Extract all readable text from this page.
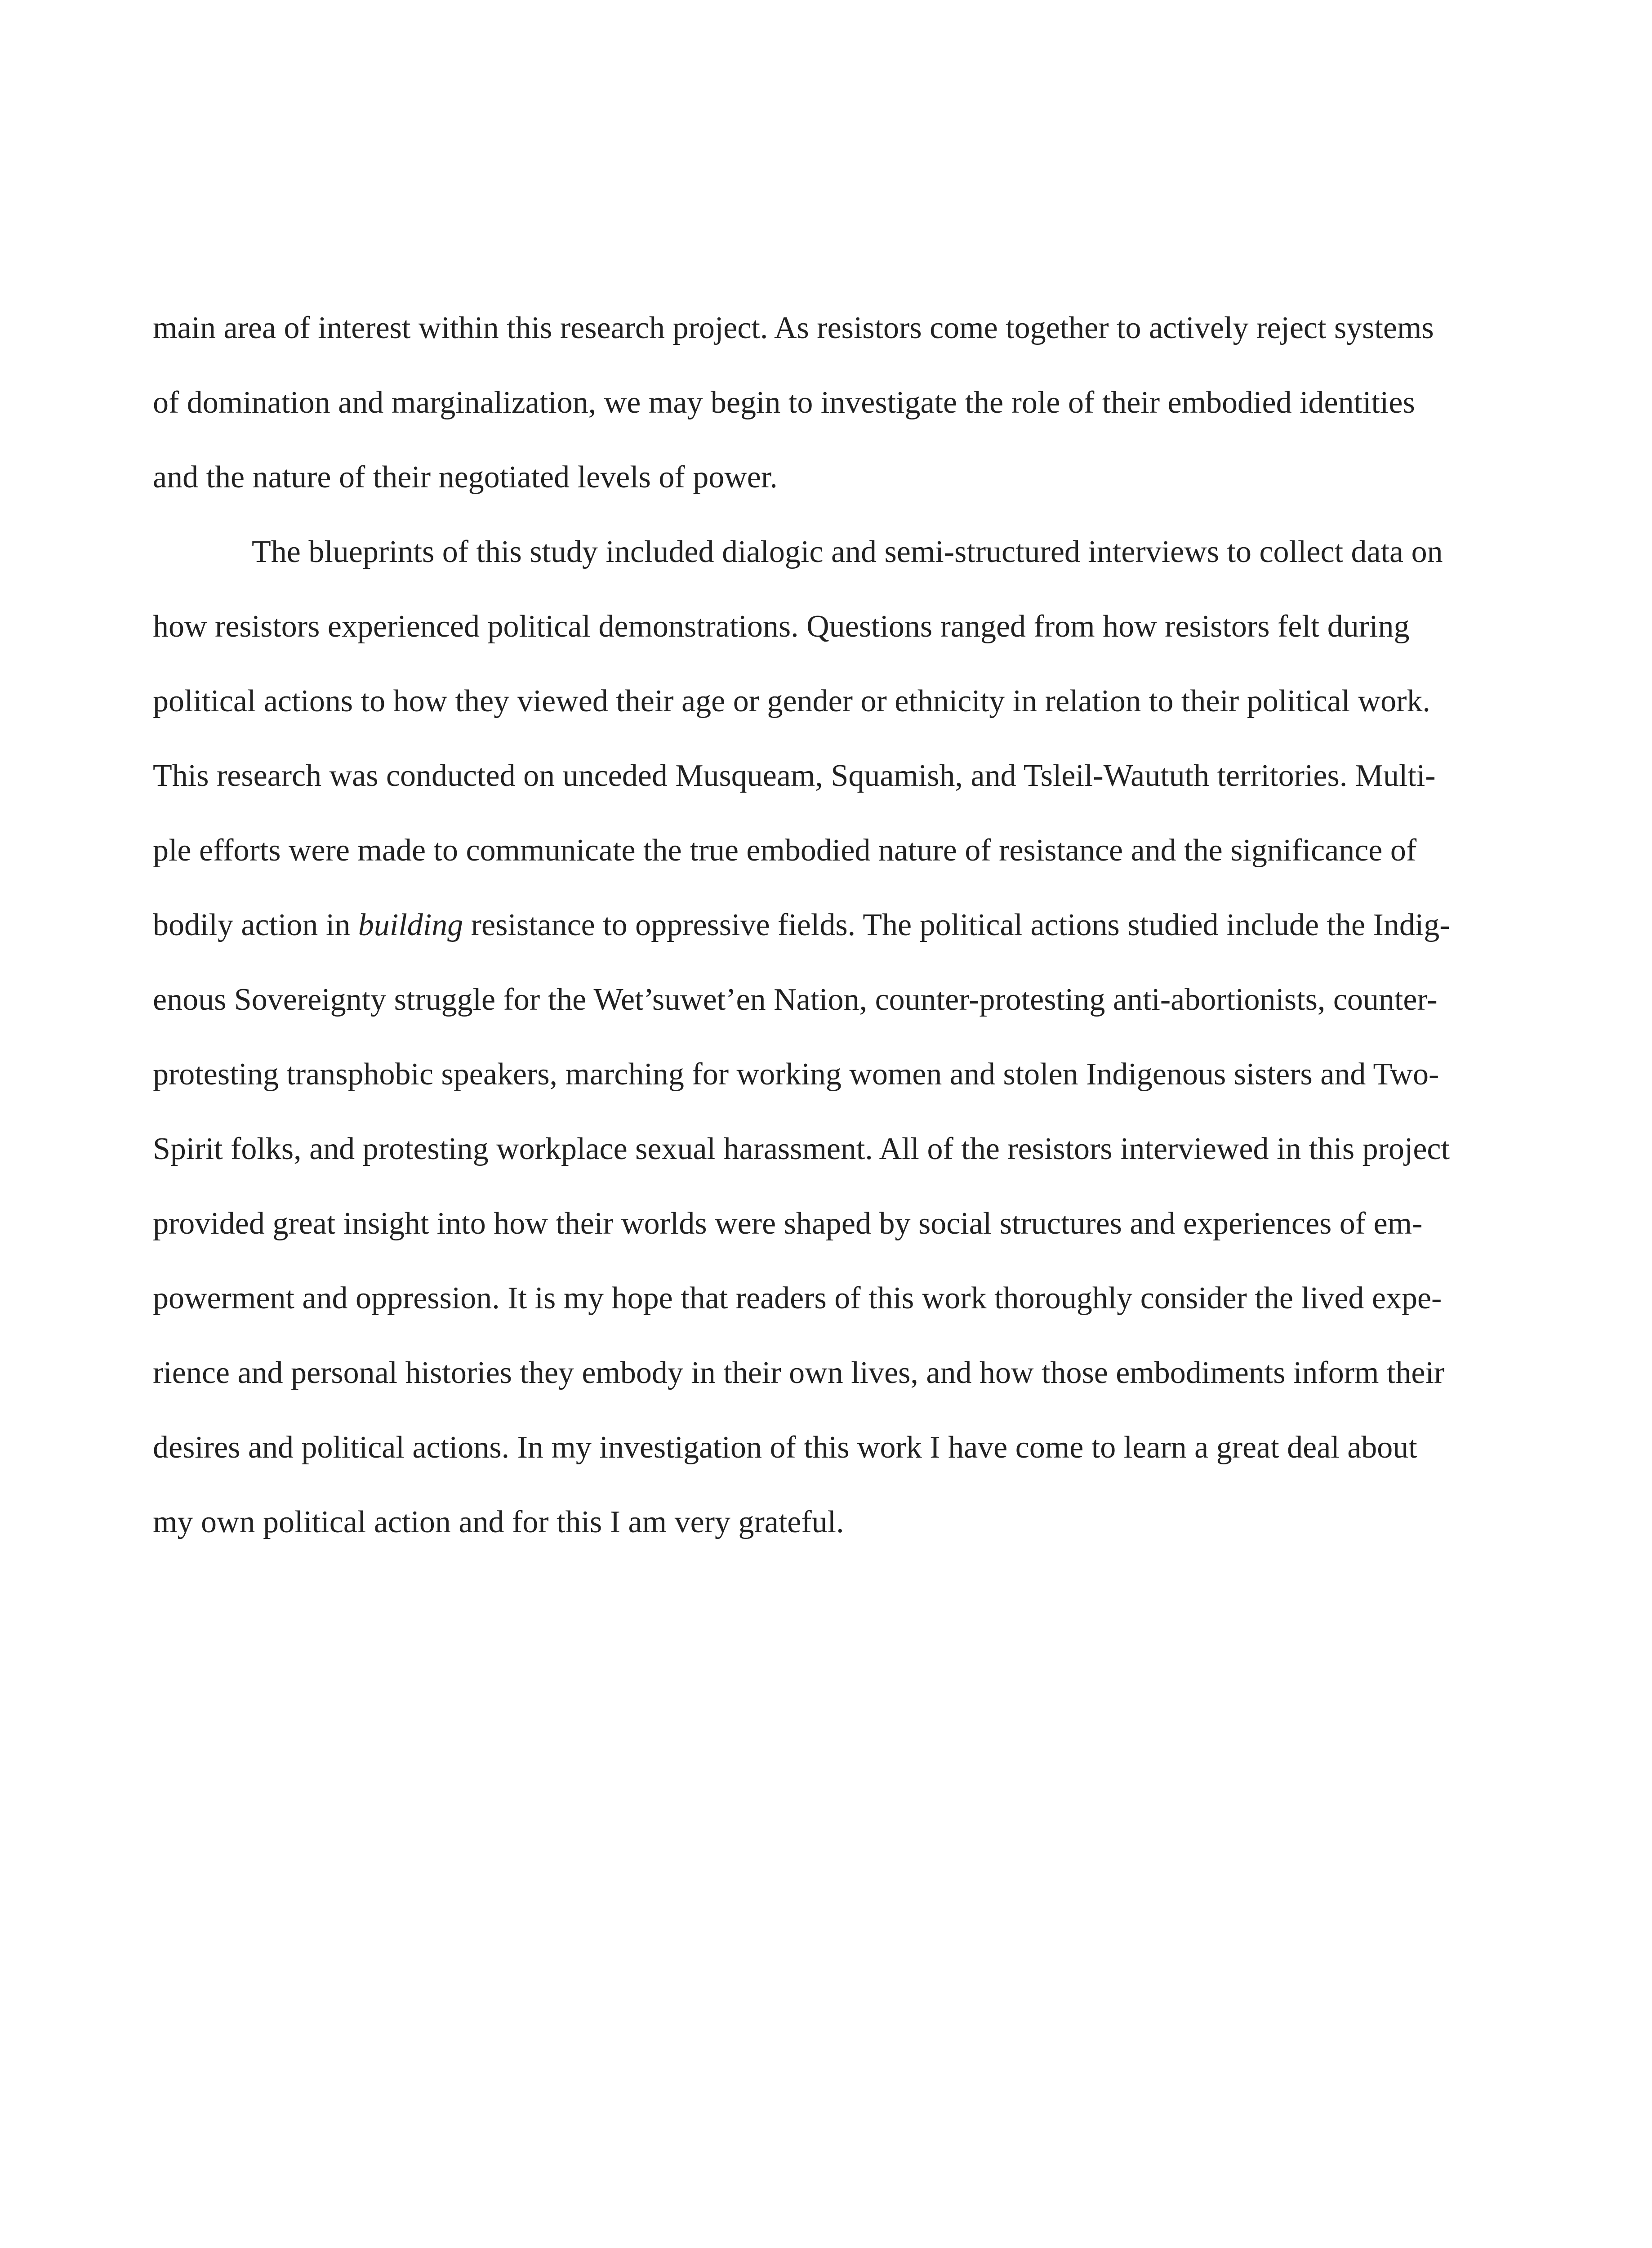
main area of interest within this research project. As resistors come together to actively reject systems
of domination and marginalization, we may begin to investigate the role of their embodied identities
and the nature of their negotiated levels of power.
The blueprints of this study included dialogic and semi-structured interviews to collect data on
how resistors experienced political demonstrations. Questions ranged from how resistors felt during
political actions to how they viewed their age or gender or ethnicity in relation to their political work.
This research was conducted on unceded Musqueam, Squamish, and Tsleil-Waututh territories. Multi-
ple efforts were made to communicate the true embodied nature of resistance and the significance of
bodily action in building resistance to oppressive fields. The political actions studied include the Indig-
enous Sovereignty struggle for the Wet’suwet’en Nation, counter-protesting anti-abortionists, counter-
protesting transphobic speakers, marching for working women and stolen Indigenous sisters and Two-
Spirit folks, and protesting workplace sexual harassment. All of the resistors interviewed in this project
provided great insight into how their worlds were shaped by social structures and experiences of em-
powerment and oppression. It is my hope that readers of this work thoroughly consider the lived expe-
rience and personal histories they embody in their own lives, and how those embodiments inform their
desires and political actions. In my investigation of this work I have come to learn a great deal about
my own political action and for this I am very grateful.
